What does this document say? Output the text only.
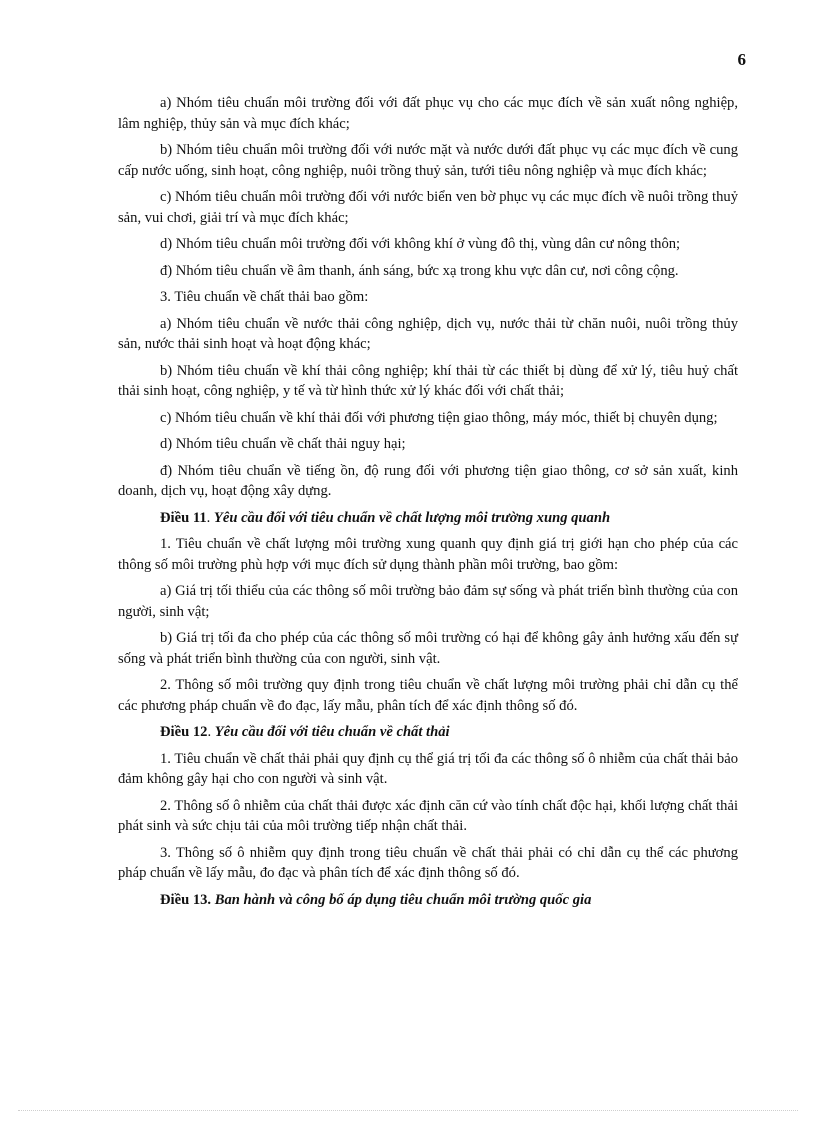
6

a) Nhóm tiêu chuẩn môi trường đối với đất phục vụ cho các mục đích về sản xuất nông nghiệp, lâm nghiệp, thủy sản và mục đích khác;

b) Nhóm tiêu chuẩn môi trường đối với nước mặt và nước dưới đất phục vụ các mục đích về cung cấp nước uống, sinh hoạt, công nghiệp, nuôi trồng thuỷ sản, tưới tiêu nông nghiệp và mục đích khác;

c) Nhóm tiêu chuẩn môi trường đối với nước biển ven bờ phục vụ các mục đích về nuôi trồng thuỷ sản, vui chơi, giải trí và mục đích khác;

d) Nhóm tiêu chuẩn môi trường đối với không khí ở vùng đô thị, vùng dân cư nông thôn;

đ) Nhóm tiêu chuẩn về âm thanh, ánh sáng, bức xạ trong khu vực dân cư, nơi công cộng.

3. Tiêu chuẩn về chất thải bao gồm:

a) Nhóm tiêu chuẩn về nước thải công nghiệp, dịch vụ, nước thải từ chăn nuôi, nuôi trồng thủy sản, nước thải sinh hoạt và hoạt động khác;

b) Nhóm tiêu chuẩn về khí thải công nghiệp; khí thải từ các thiết bị dùng để xử lý, tiêu huỷ chất thải sinh hoạt, công nghiệp, y tế và từ hình thức xử lý khác đối với chất thải;

c) Nhóm tiêu chuẩn về khí thải đối với phương tiện giao thông, máy móc, thiết bị chuyên dụng;

d) Nhóm tiêu chuẩn về chất thải nguy hại;

đ) Nhóm tiêu chuẩn về tiếng ồn, độ rung đối với phương tiện giao thông, cơ sở sản xuất, kinh doanh, dịch vụ, hoạt động xây dựng.

Điều 11. Yêu cầu đối với tiêu chuẩn về chất lượng môi trường xung quanh

1. Tiêu chuẩn về chất lượng môi trường xung quanh quy định giá trị giới hạn cho phép của các thông số môi trường phù hợp với mục đích sử dụng thành phần môi trường, bao gồm:

a) Giá trị tối thiểu của các thông số môi trường bảo đảm sự sống và phát triển bình thường của con người, sinh vật;

b) Giá trị tối đa cho phép của các thông số môi trường có hại để không gây ảnh hưởng xấu đến sự sống và phát triển bình thường của con người, sinh vật.

2. Thông số môi trường quy định trong tiêu chuẩn về chất lượng môi trường phải chỉ dẫn cụ thể các phương pháp chuẩn về đo đạc, lấy mẫu, phân tích để xác định thông số đó.

Điều 12. Yêu cầu đối với tiêu chuẩn về chất thải

1. Tiêu chuẩn về chất thải phải quy định cụ thể giá trị tối đa các thông số ô nhiễm của chất thải bảo đảm không gây hại cho con người và sinh vật.

2. Thông số ô nhiễm của chất thải được xác định căn cứ vào tính chất độc hại, khối lượng chất thải phát sinh và sức chịu tải của môi trường tiếp nhận chất thải.

3. Thông số ô nhiễm quy định trong tiêu chuẩn về chất thải phải có chỉ dẫn cụ thể các phương pháp chuẩn về lấy mẫu, đo đạc và phân tích để xác định thông số đó.

Điều 13. Ban hành và công bố áp dụng tiêu chuẩn môi trường quốc gia
